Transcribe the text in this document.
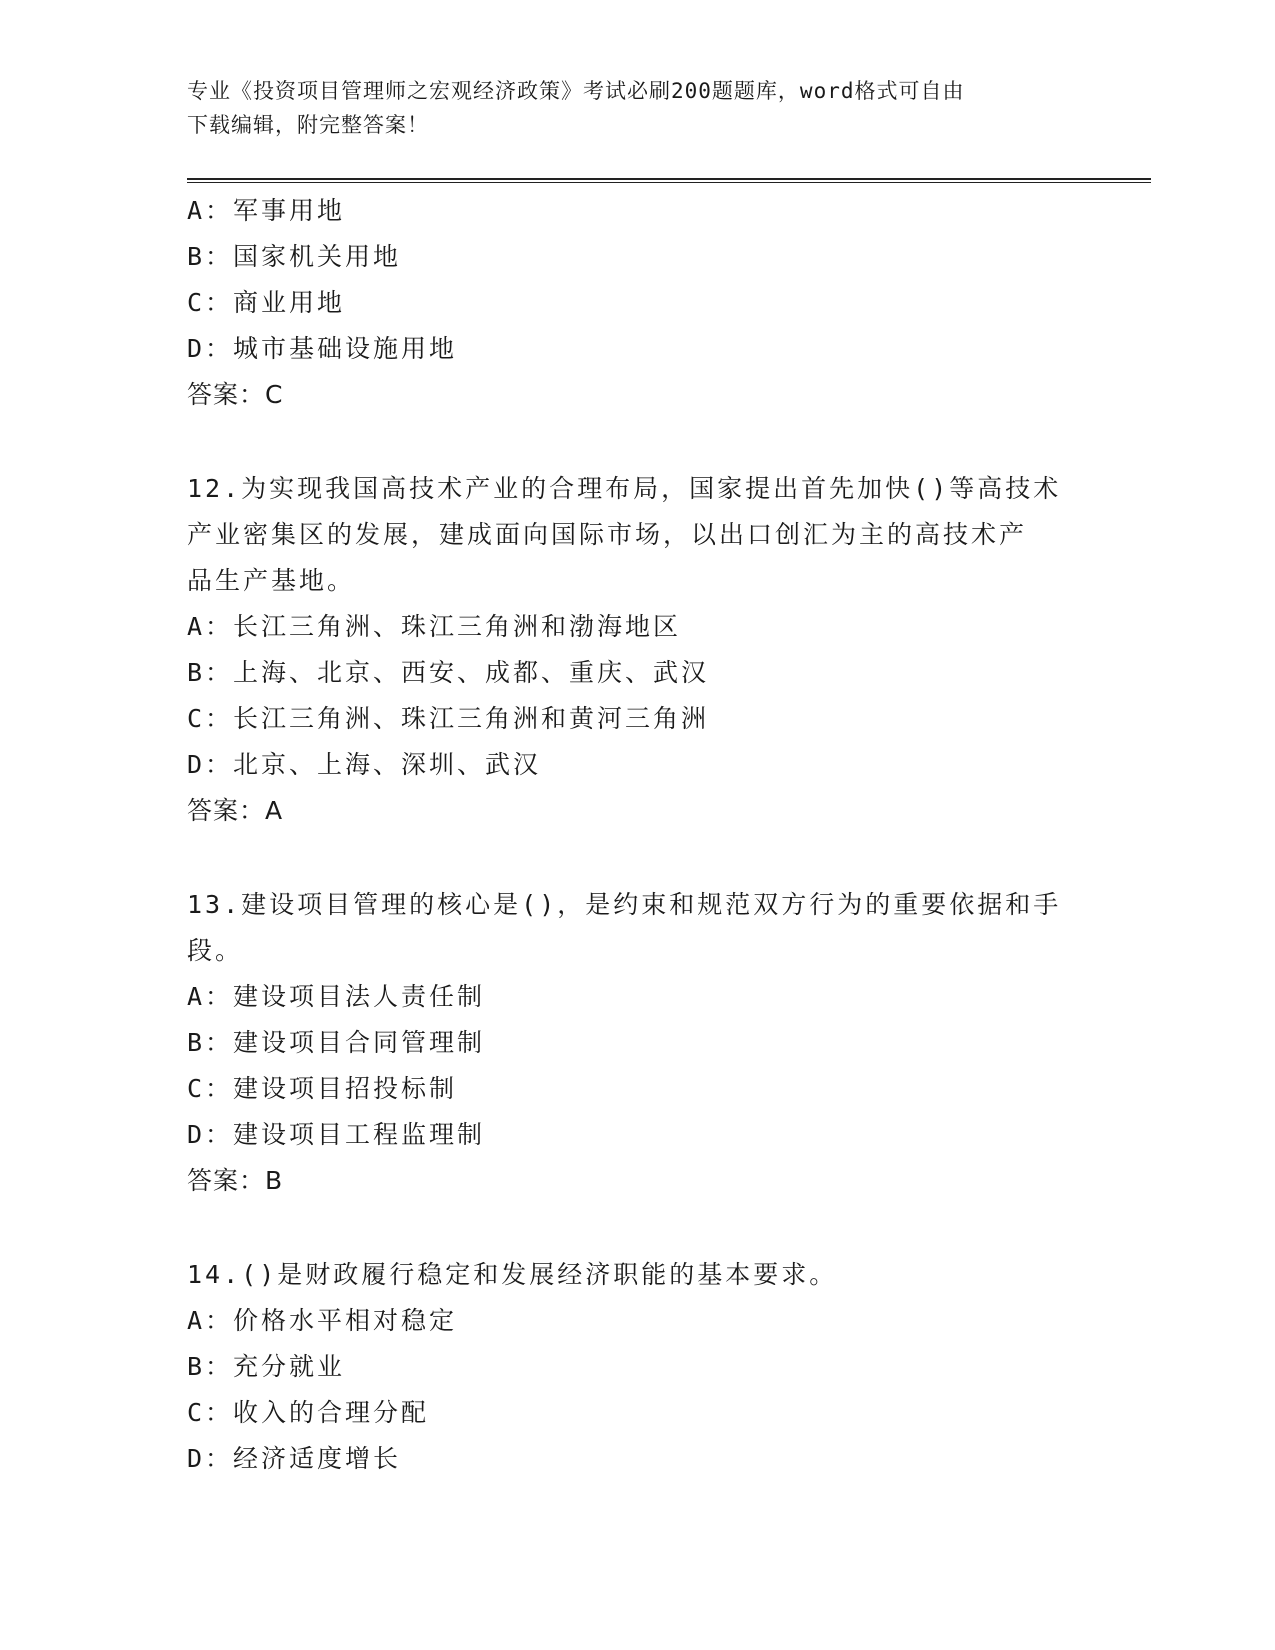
专业《投资项目管理师之宏观经济政策》考试必刷200题题库，word格式可自由
下载编辑，附完整答案！
A：军事用地
B：国家机关用地
C：商业用地
D：城市基础设施用地
答案：C
12.为实现我国高技术产业的合理布局，国家提出首先加快()等高技术
产业密集区的发展，建成面向国际市场，以出口创汇为主的高技术产
品生产基地。
A：长江三角洲、珠江三角洲和渤海地区
B：上海、北京、西安、成都、重庆、武汉
C：长江三角洲、珠江三角洲和黄河三角洲
D：北京、上海、深圳、武汉
答案：A
13.建设项目管理的核心是()，是约束和规范双方行为的重要依据和手
段。
A：建设项目法人责任制
B：建设项目合同管理制
C：建设项目招投标制
D：建设项目工程监理制
答案：B
14.()是财政履行稳定和发展经济职能的基本要求。
A：价格水平相对稳定
B：充分就业
C：收入的合理分配
D：经济适度增长
